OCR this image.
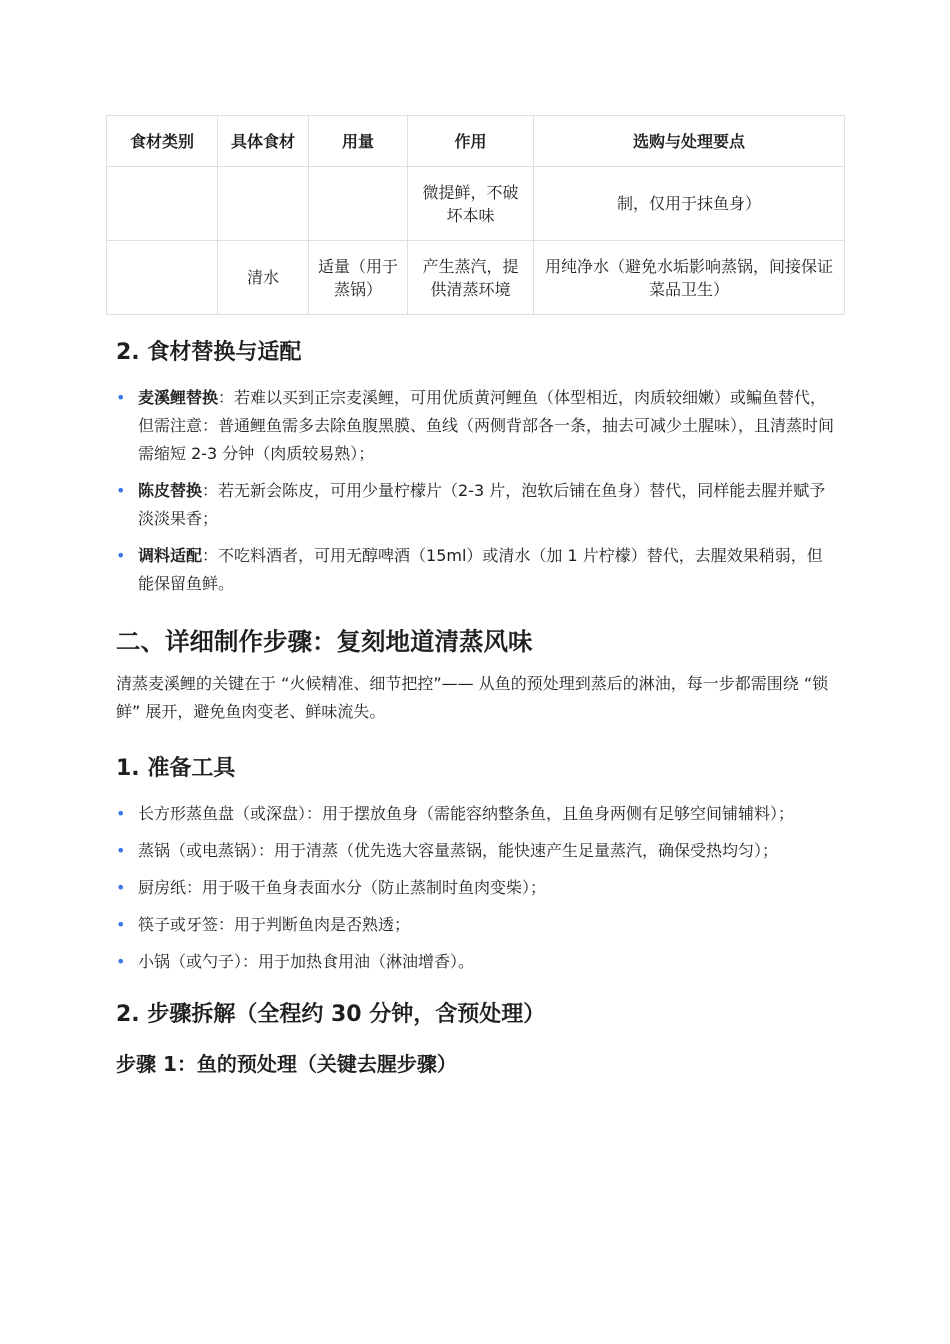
食材类别	具体食材	用量	作用	选购与处理要点
			微提鲜，不破坏本味	制，仅用于抹鱼身）
	清水	适量（用于蒸锅）	产生蒸汽，提供清蒸环境	用纯净水（避免水垢影响蒸锅，间接保证菜品卫生）
2. 食材替换与适配
• 麦溪鲤替换：若难以买到正宗麦溪鲤，可用优质黄河鲤鱼（体型相近，肉质较细嫩）或鳊鱼替代，但需注意：普通鲤鱼需多去除鱼腹黑膜、鱼线（两侧背部各一条，抽去可减少土腥味），且清蒸时间需缩短 2-3 分钟（肉质较易熟）；
• 陈皮替换：若无新会陈皮，可用少量柠檬片（2-3 片，泡软后铺在鱼身）替代，同样能去腥并赋予淡淡果香；
• 调料适配：不吃料酒者，可用无醇啤酒（15ml）或清水（加 1 片柠檬）替代，去腥效果稍弱，但能保留鱼鲜。
二、详细制作步骤：复刻地道清蒸风味

清蒸麦溪鲤的关键在于 “火候精准、细节把控”—— 从鱼的预处理到蒸后的淋油，每一步都需围绕 “锁鲜” 展开，避免鱼肉变老、鲜味流失。

1. 准备工具
• 长方形蒸鱼盘（或深盘）：用于摆放鱼身（需能容纳整条鱼，且鱼身两侧有足够空间铺辅料）；
• 蒸锅（或电蒸锅）：用于清蒸（优先选大容量蒸锅，能快速产生足量蒸汽，确保受热均匀）；
• 厨房纸：用于吸干鱼身表面水分（防止蒸制时鱼肉变柴）；
• 筷子或牙签：用于判断鱼肉是否熟透；
• 小锅（或勺子）：用于加热食用油（淋油增香）。
2. 步骤拆解（全程约 30 分钟，含预处理）
步骤 1：鱼的预处理（关键去腥步骤）
